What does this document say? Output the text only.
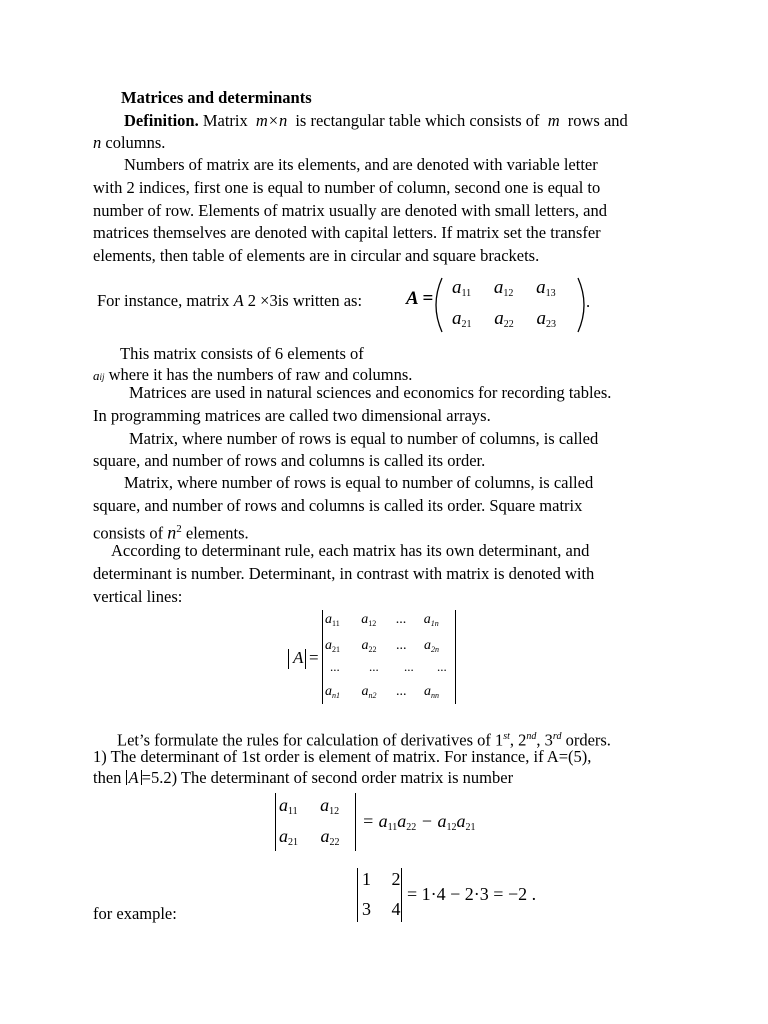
Matrices and determinants
Definition. Matrix m×n is rectangular table which consists of m rows and
n columns.
Numbers of matrix are its elements, and are denoted with variable letter
with 2 indices, first one is equal to number of column, second one is equal to
number of row. Elements of matrix usually are denoted with small letters, and
matrices themselves are denoted with capital letters. If matrix set the transfer
elements, then table of elements are in circular and square brackets.
For instance, matrix A 2 ×3is written as: A =
$a_{11}$ $a_{12}$ $a_{13}$
$a_{21}$ $a_{22}$ $a_{23}$
.
This matrix consists of 6 elements of
aij where it has the numbers of raw and columns.
Matrices are used in natural sciences and economics for recording tables.
In programming matrices are called two dimensional arrays.
Matrix, where number of rows is equal to number of columns, is called
square, and number of rows and columns is called its order.
Matrix, where number of rows is equal to number of columns, is called
square, and number of rows and columns is called its order. Square matrix
consists of $n^2$ elements.
According to determinant rule, each matrix has its own determinant, and
determinant is number. Determinant, in contrast with matrix is denoted with
vertical lines:
A =
$a_{11}$ $a_{12}$ ... $a_{1n}$
$a_{21}$ $a_{22}$ ... $a_{2n}$
... ... ... ...
$a_{n1}$ $a_{n2}$ ... $a_{nn}$
Let’s formulate the rules for calculation of derivatives of 1st, 2nd, 3rd orders.
1) The determinant of 1st order is element of matrix. For instance, if A=(5),
then A =5.2) The determinant of second order matrix is number
$a_{11}$ $a_{12}$
$a_{21}$ $a_{22}$
= $a_{11}a_{22} - a_{12}a_{21}$
1 2
3 4
= 1·4 − 2·3 = −2 .
for example:
